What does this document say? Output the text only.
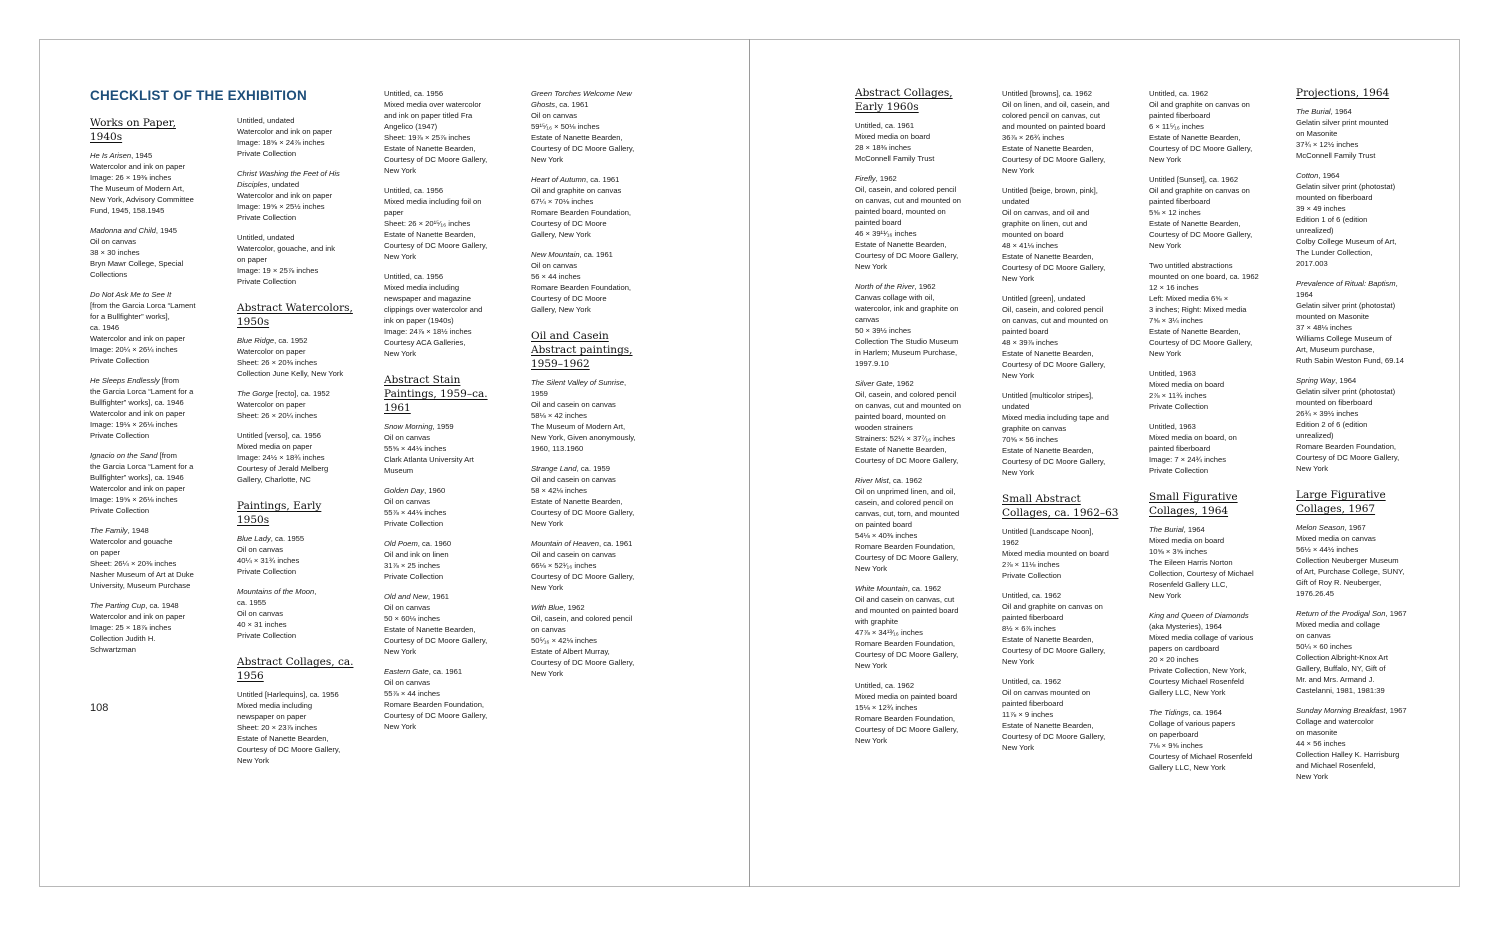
CHECKLIST OF THE EXHIBITION
108
Works on Paper, 1940s
He Is Arisen, 1945
Watercolor and ink on paper
Image: 26 × 19⅜ inches
The Museum of Modern Art,
New York, Advisory Committee
Fund, 1945, 158.1945
Madonna and Child, 1945
Oil on canvas
38 × 30 inches
Bryn Mawr College, Special
Collections
Do Not Ask Me to See It
[from the Garcia Lorca “Lament
for a Bullfighter” works],
ca. 1946
Watercolor and ink on paper
Image: 20¼ × 26¼ inches
Private Collection
He Sleeps Endlessly [from
the Garcia Lorca “Lament for a
Bullfighter” works], ca. 1946
Watercolor and ink on paper
Image: 19⅛ × 26⅛ inches
Private Collection
Ignacio on the Sand [from
the Garcia Lorca “Lament for a
Bullfighter” works], ca. 1946
Watercolor and ink on paper
Image: 19⅝ × 26⅛ inches
Private Collection
The Family, 1948
Watercolor and gouache
on paper
Sheet: 26¼ × 20⅜ inches
Nasher Museum of Art at Duke
University, Museum Purchase
The Parting Cup, ca. 1948
Watercolor and ink on paper
Image: 25 × 18⅞ inches
Collection Judith H.
Schwartzman
Untitled, undated
Watercolor and ink on paper
Image: 18⅝ × 24⅞ inches
Private Collection
Christ Washing the Feet of His Disciples, undated
Watercolor and ink on paper
Image: 19⅝ × 25½ inches
Private Collection
Untitled, undated
Watercolor, gouache, and ink
on paper
Image: 19 × 25⅞ inches
Private Collection
Abstract Watercolors, 1950s
Blue Ridge, ca. 1952
Watercolor on paper
Sheet: 26 × 20⅜ inches
Collection June Kelly, New York
The Gorge [recto], ca. 1952
Watercolor on paper
Sheet: 26 × 20¼ inches
Untitled [verso], ca. 1956
Mixed media on paper
Image: 24½ × 18¾ inches
Courtesy of Jerald Melberg
Gallery, Charlotte, NC
Paintings, Early 1950s
Blue Lady, ca. 1955
Oil on canvas
40¼ × 31¾ inches
Private Collection
Mountains of the Moon,
ca. 1955
Oil on canvas
40 × 31 inches
Private Collection
Abstract Collages, ca. 1956
Untitled [Harlequins], ca. 1956
Mixed media including
newspaper on paper
Sheet: 20 × 23⅞ inches
Estate of Nanette Bearden,
Courtesy of DC Moore Gallery,
New York
Untitled, ca. 1956
Mixed media over watercolor
and ink on paper titled Fra
Angelico (1947)
Sheet: 19⅞ × 25⅞ inches
Estate of Nanette Bearden,
Courtesy of DC Moore Gallery,
New York
Untitled, ca. 1956
Mixed media including foil on
paper
Sheet: 26 × 20¹⁵⁄₁₆ inches
Estate of Nanette Bearden,
Courtesy of DC Moore Gallery,
New York
Untitled, ca. 1956
Mixed media including
newspaper and magazine
clippings over watercolor and
ink on paper (1940s)
Image: 24⅞ × 18½ inches
Courtesy ACA Galleries,
New York
Abstract Stain Paintings, 1959–ca. 1961
Snow Morning, 1959
Oil on canvas
55⅝ × 44⅛ inches
Clark Atlanta University Art
Museum
Golden Day, 1960
Oil on canvas
55⅞ × 44⅛ inches
Private Collection
Old Poem, ca. 1960
Oil and ink on linen
31⅞ × 25 inches
Private Collection
Old and New, 1961
Oil on canvas
50 × 60⅛ inches
Estate of Nanette Bearden,
Courtesy of DC Moore Gallery,
New York
Eastern Gate, ca. 1961
Oil on canvas
55⅞ × 44 inches
Romare Bearden Foundation,
Courtesy of DC Moore Gallery,
New York
Green Torches Welcome New Ghosts, ca. 1961
Oil on canvas
59¹⁵⁄₁₆ × 50⅛ inches
Estate of Nanette Bearden,
Courtesy of DC Moore Gallery,
New York
Heart of Autumn, ca. 1961
Oil and graphite on canvas
67¼ × 70⅛ inches
Romare Bearden Foundation,
Courtesy of DC Moore
Gallery, New York
New Mountain, ca. 1961
Oil on canvas
56 × 44 inches
Romare Bearden Foundation,
Courtesy of DC Moore
Gallery, New York
Oil and Casein Abstract paintings, 1959–1962
The Silent Valley of Sunrise,
1959
Oil and casein on canvas
58⅛ × 42 inches
The Museum of Modern Art,
New York, Given anonymously,
1960, 113.1960
Strange Land, ca. 1959
Oil and casein on canvas
58 × 42⅛ inches
Estate of Nanette Bearden,
Courtesy of DC Moore Gallery,
New York
Mountain of Heaven, ca. 1961
Oil and casein on canvas
66⅛ × 52¹⁄₁₆ inches
Courtesy of DC Moore Gallery,
New York
With Blue, 1962
Oil, casein, and colored pencil
on canvas
50⁵⁄₁₆ × 42⅛ inches
Estate of Albert Murray,
Courtesy of DC Moore Gallery,
New York
Abstract Collages, Early 1960s
Untitled, ca. 1961
Mixed media on board
28 × 18⅜ inches
McConnell Family Trust
Firefly, 1962
Oil, casein, and colored pencil
on canvas, cut and mounted on
painted board, mounted on
painted board
46 × 39¹¹⁄₁₆ inches
Estate of Nanette Bearden,
Courtesy of DC Moore Gallery,
New York
North of the River, 1962
Canvas collage with oil,
watercolor, ink and graphite on
canvas
50 × 39½ inches
Collection The Studio Museum
in Harlem; Museum Purchase,
1997.9.10
Silver Gate, 1962
Oil, casein, and colored pencil
on canvas, cut and mounted on
painted board, mounted on
wooden strainers
Strainers: 52¼ × 37⁷⁄₁₆ inches
Estate of Nanette Bearden,
Courtesy of DC Moore Gallery,
River Mist, ca. 1962
Oil on unprimed linen, and oil,
casein, and colored pencil on
canvas, cut, torn, and mounted
on painted board
54⅛ × 40⅜ inches
Romare Bearden Foundation,
Courtesy of DC Moore Gallery,
New York
White Mountain, ca. 1962
Oil and casein on canvas, cut
and mounted on painted board
with graphite
47⅞ × 34¹³⁄₁₆ inches
Romare Bearden Foundation,
Courtesy of DC Moore Gallery,
New York
Untitled, ca. 1962
Mixed media on painted board
15⅛ × 12¾ inches
Romare Bearden Foundation,
Courtesy of DC Moore Gallery,
New York
Untitled [browns], ca. 1962
Oil on linen, and oil, casein, and
colored pencil on canvas, cut
and mounted on painted board
36⅞ × 26¾ inches
Estate of Nanette Bearden,
Courtesy of DC Moore Gallery,
New York
Untitled [beige, brown, pink],
undated
Oil on canvas, and oil and
graphite on linen, cut and
mounted on board
48 × 41⅛ inches
Estate of Nanette Bearden,
Courtesy of DC Moore Gallery,
New York
Untitled [green], undated
Oil, casein, and colored pencil
on canvas, cut and mounted on
painted board
48 × 39⅞ inches
Estate of Nanette Bearden,
Courtesy of DC Moore Gallery,
New York
Untitled [multicolor stripes],
undated
Mixed media including tape and
graphite on canvas
70⅝ × 56 inches
Estate of Nanette Bearden,
Courtesy of DC Moore Gallery,
New York
Small Abstract Collages, ca. 1962–63
Untitled [Landscape Noon],
1962
Mixed media mounted on board
2⅞ × 11⅛ inches
Private Collection
Untitled, ca. 1962
Oil and graphite on canvas on
painted fiberboard
8½ × 6⅞ inches
Estate of Nanette Bearden,
Courtesy of DC Moore Gallery,
New York
Untitled, ca. 1962
Oil on canvas mounted on
painted fiberboard
11⅞ × 9 inches
Estate of Nanette Bearden,
Courtesy of DC Moore Gallery,
New York
Untitled, ca. 1962
Oil and graphite on canvas on
painted fiberboard
6 × 11⁵⁄₁₆ inches
Estate of Nanette Bearden,
Courtesy of DC Moore Gallery,
New York
Untitled [Sunset], ca. 1962
Oil and graphite on canvas on
painted fiberboard
5⅝ × 12 inches
Estate of Nanette Bearden,
Courtesy of DC Moore Gallery,
New York
Two untitled abstractions
mounted on one board, ca. 1962
12 × 16 inches
Left: Mixed media 6⅝ ×
3 inches; Right: Mixed media
7⅝ × 3¼ inches
Estate of Nanette Bearden,
Courtesy of DC Moore Gallery,
New York
Untitled, 1963
Mixed media on board
2⅞ × 11¾ inches
Private Collection
Untitled, 1963
Mixed media on board, on
painted fiberboard
Image: 7 × 24¾ inches
Private Collection
Small Figurative Collages, 1964
The Burial, 1964
Mixed media on board
10⅝ × 3⅝ inches
The Eileen Harris Norton
Collection, Courtesy of Michael
Rosenfeld Gallery LLC,
New York
King and Queen of Diamonds
(aka Mysteries), 1964
Mixed media collage of various
papers on cardboard
20 × 20 inches
Private Collection, New York,
Courtesy Michael Rosenfeld
Gallery LLC, New York
The Tidings, ca. 1964
Collage of various papers
on paperboard
7⅛ × 9⅝ inches
Courtesy of Michael Rosenfeld
Gallery LLC, New York
Projections, 1964
The Burial, 1964
Gelatin silver print mounted
on Masonite
37¾ × 12½ inches
McConnell Family Trust
Cotton, 1964
Gelatin silver print (photostat)
mounted on fiberboard
39 × 49 inches
Edition 1 of 6 (edition
unrealized)
Colby College Museum of Art,
The Lunder Collection,
2017.003
Prevalence of Ritual: Baptism,
1964
Gelatin silver print (photostat)
mounted on Masonite
37 × 48⅛ inches
Williams College Museum of
Art, Museum purchase,
Ruth Sabin Weston Fund, 69.14
Spring Way, 1964
Gelatin silver print (photostat)
mounted on fiberboard
26¾ × 39½ inches
Edition 2 of 6 (edition
unrealized)
Romare Bearden Foundation,
Courtesy of DC Moore Gallery,
New York
Large Figurative Collages, 1967
Melon Season, 1967
Mixed media on canvas
56½ × 44½ inches
Collection Neuberger Museum
of Art, Purchase College, SUNY,
Gift of Roy R. Neuberger,
1976.26.45
Return of the Prodigal Son, 1967
Mixed media and collage
on canvas
50¼ × 60 inches
Collection Albright-Knox Art
Gallery, Buffalo, NY, Gift of
Mr. and Mrs. Armand J.
Castelanni, 1981, 1981:39
Sunday Morning Breakfast, 1967
Collage and watercolor
on masonite
44 × 56 inches
Collection Halley K. Harrisburg
and Michael Rosenfeld,
New York
